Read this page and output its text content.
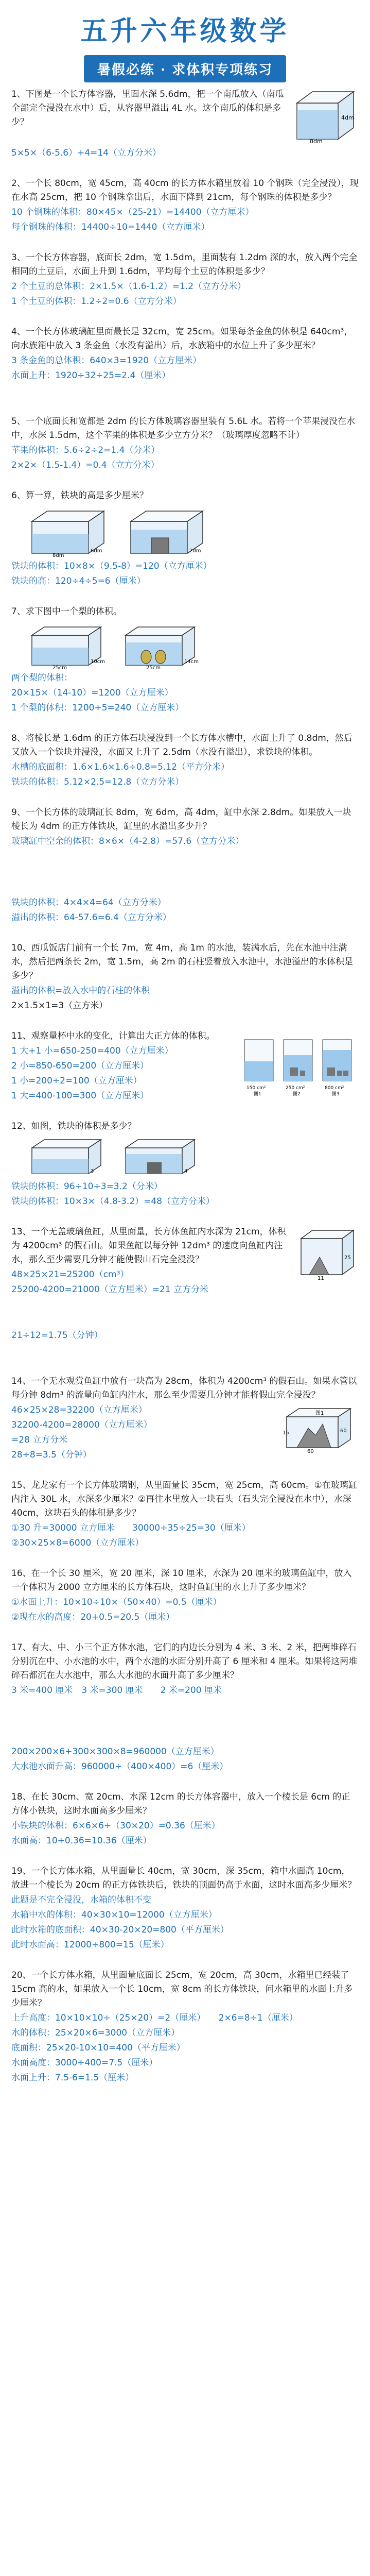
五升六年级数学
暑假必练 · 求体积专项练习

1、下图是一个长方体容器，里面水深 5.6dm，把一个南瓜放入（南瓜全部完全浸没在水中）后，从容器里溢出 4L 水。这个南瓜的体积是多少？	4dm
8dm

5×5×（6-5.6）+4=14（立方分米）

2、一个长 80cm，宽 45cm，高 40cm 的长方体水箱里放着 10 个钢珠（完全浸没），现在水高 25cm，把 10 个钢珠拿出后，水面下降到 21cm，每个钢珠的体积是多少？

10 个钢珠的体积：80×45×（25-21）=14400（立方厘米）

每个钢珠的体积：14400÷10=1440（立方厘米）

3、一个长方体容器，底面长 2dm，宽 1.5dm，里面装有 1.2dm 深的水，放入两个完全相同的土豆后，水面上升到 1.6dm，平均每个土豆的体积是多少？

2 个土豆的总体积：2×1.5×（1.6-1.2）=1.2（立方分米）

1 个土豆的体积：1.2÷2=0.6（立方分米）

4、一个长方体玻璃缸里面最长是 32cm，宽 25cm。如果每条金鱼的体积是 640cm³，向水族箱中放入 3 条金鱼（水没有溢出）后，水族箱中的水位上升了多少厘米？

3 条金鱼的总体积：640×3=1920（立方厘米）

水面上升：1920÷32÷25=2.4（厘米）

5、一个底面长和宽都是 2dm 的长方体玻璃容器里装有 5.6L 水。若将一个苹果浸没在水中，水深 1.5dm，这个苹果的体积是多少立方分米？（玻璃厚度忽略不计）

苹果的体积：5.6÷2÷2=1.4（分米）

2×2×（1.5-1.4）=0.4（立方分米）

6、算一算，铁块的高是多少厘米？

6dm
8dm
2dm

铁块的体积：10×8×（9.5-8）=120（立方厘米）

铁块的高：120÷4÷5=6（厘米）

7、求下图中一个梨的体积。

10cm
25cm
14cm
25cm

两个梨的体积：

20×15×（14-10）=1200（立方厘米）

1 个梨的体积：1200÷5=240（立方厘米）

8、将棱长是 1.6dm 的正方体石块浸没到一个长方体水槽中，水面上升了 0.8dm，然后又放入一个铁块并浸没，水面又上升了 2.5dm（水没有溢出），求铁块的体积。

水槽的底面积：1.6×1.6×1.6÷0.8=5.12（平方分米）

铁块的体积：5.12×2.5=12.8（立方分米）

9、一个长方体的玻璃缸长 8dm，宽 6dm，高 4dm，缸中水深 2.8dm。如果放入一块棱长为 4dm 的正方体铁块，缸里的水溢出多少升？

玻璃缸中空余的体积：8×6×（4-2.8）=57.6（立方分米）

铁块的体积：4×4×4=64（立方分米）

溢出的体积：64-57.6=6.4（立方分米）

10、西瓜饭店门前有一个长 7m，宽 4m，高 1m 的水池，装满水后，先在水池中注满水，然后把两条长 2m，宽 1.5m，高 2m 的石柱竖着放入水池中，水池溢出的水体积是多少？

溢出的体积=放入水中的石柱的体积

2×1.5×1=3（立方米）

11、观察量杯中水的变化，计算出大正方体的体积。

1 大+1 小=650-250=400（立方厘米）

2 小=850-650=200（立方厘米）

1 小=200÷2=100（立方厘米）

1 大=400-100=300（立方厘米）

150 cm²
图1
250 cm²
图2
800 cm²
图3

12、如图，铁块的体积是多少？

3	4

铁块的体积：96÷10÷3=3.2（分米）

铁块的体积：10×3×（4.8-3.2）=48（立方分米）

13、一个无盖玻璃鱼缸，从里面量，长方体鱼缸内水深为 21cm，体积为 4200cm³ 的假石山。如果鱼缸以每分钟 12dm³ 的速度向鱼缸内注水，那么至少需要几分钟才能使假山石完全浸没？

48×25×21=25200（cm³）

25200-4200=21000（立方厘米）=21 立方分米

25
11

21÷12=1.75（分钟）

14、一个无水观赏鱼缸中放有一块高为 28cm，体积为 4200cm³ 的假石山。如果水管以每分钟 8dm³ 的流量向鱼缸内注水，那么至少需要几分钟才能将假山完全浸没？

46×25×28=32200（立方厘米）

32200-4200=28000（立方厘米）

=28 立方分米

28÷8=3.5（分钟）

60
60
15
图1

15、龙龙家有一个长方体玻璃钢，从里面量长 35cm，宽 25cm，高 60cm。①在玻璃缸内注入 30L 水，水深多少厘米？②再往水里放入一块石头（石头完全浸没在水中），水深 40cm，这块石头的体积是多少？

①30 升=30000 立方厘米　　30000÷35÷25=30（厘米）

②30×25×8=6000（立方厘米）

16、在一个长 30 厘米，宽 20 厘米，深 10 厘米，水深为 20 厘米的玻璃鱼缸中，放入一个体积为 2000 立方厘米的长方体石块，这时鱼缸里的水上升了多少厘米？

①水面上升：10×10÷10×（50×40）=0.5（厘米）

②现在水的高度：20+0.5=20.5（厘米）

17、有大、中、小三个正方体水池，它们的内边长分别为 4 米、3 米、2 米，把两堆碎石分别沉在中、小水池的水中，两个水池的水面分别升高了 6 厘米和 4 厘米。如果将这两堆碎石都沉在大水池中，那么大水池的水面升高了多少厘米？

3 米=400 厘米　3 米=300 厘米　　2 米=200 厘米

200×200×6+300×300×8=960000（立方厘米）

大水池水面升高：960000÷（400×400）=6（厘米）

18、在长 30cm、宽 20cm、水深 12cm 的长方体容器中，放入一个棱长是 6cm 的正方体小铁块，这时水面高多少厘米？

小铁块的体积：6×6×6÷（30×20）=0.36（厘米）

水面高：10+0.36=10.36（厘米）

19、一个长方体水箱，从里面量长 40cm，宽 30cm，深 35cm，箱中水面高 10cm，放进一个棱长为 20cm 的正方体铁块后，铁块的顶面仍高于水面，这时水面高多少厘米？

此题是不完全浸没，水箱的体积不变

水箱中水的体积：40×30×10=12000（立方厘米）

此时水箱的底面积：40×30-20×20=800（平方厘米）

此时水面高：12000÷800=15（厘米）

20、一个长方体水箱，从里面量底面长 25cm，宽 20cm，高 30cm，水箱里已经装了 15cm 高的水，如果放入一个长 10cm，宽 8cm 的长方体铁块，问水箱里的水面上升多少厘米？

上升高度：10×10×10÷（25×20）=2（厘米）　　2×6=8÷1（厘米）

水的体积：25×20×6=3000（立方厘米）

底面积：25×20-10×10=400（平方厘米）

水面高度：3000÷400=7.5（厘米）

水面上升：7.5-6=1.5（厘米）
